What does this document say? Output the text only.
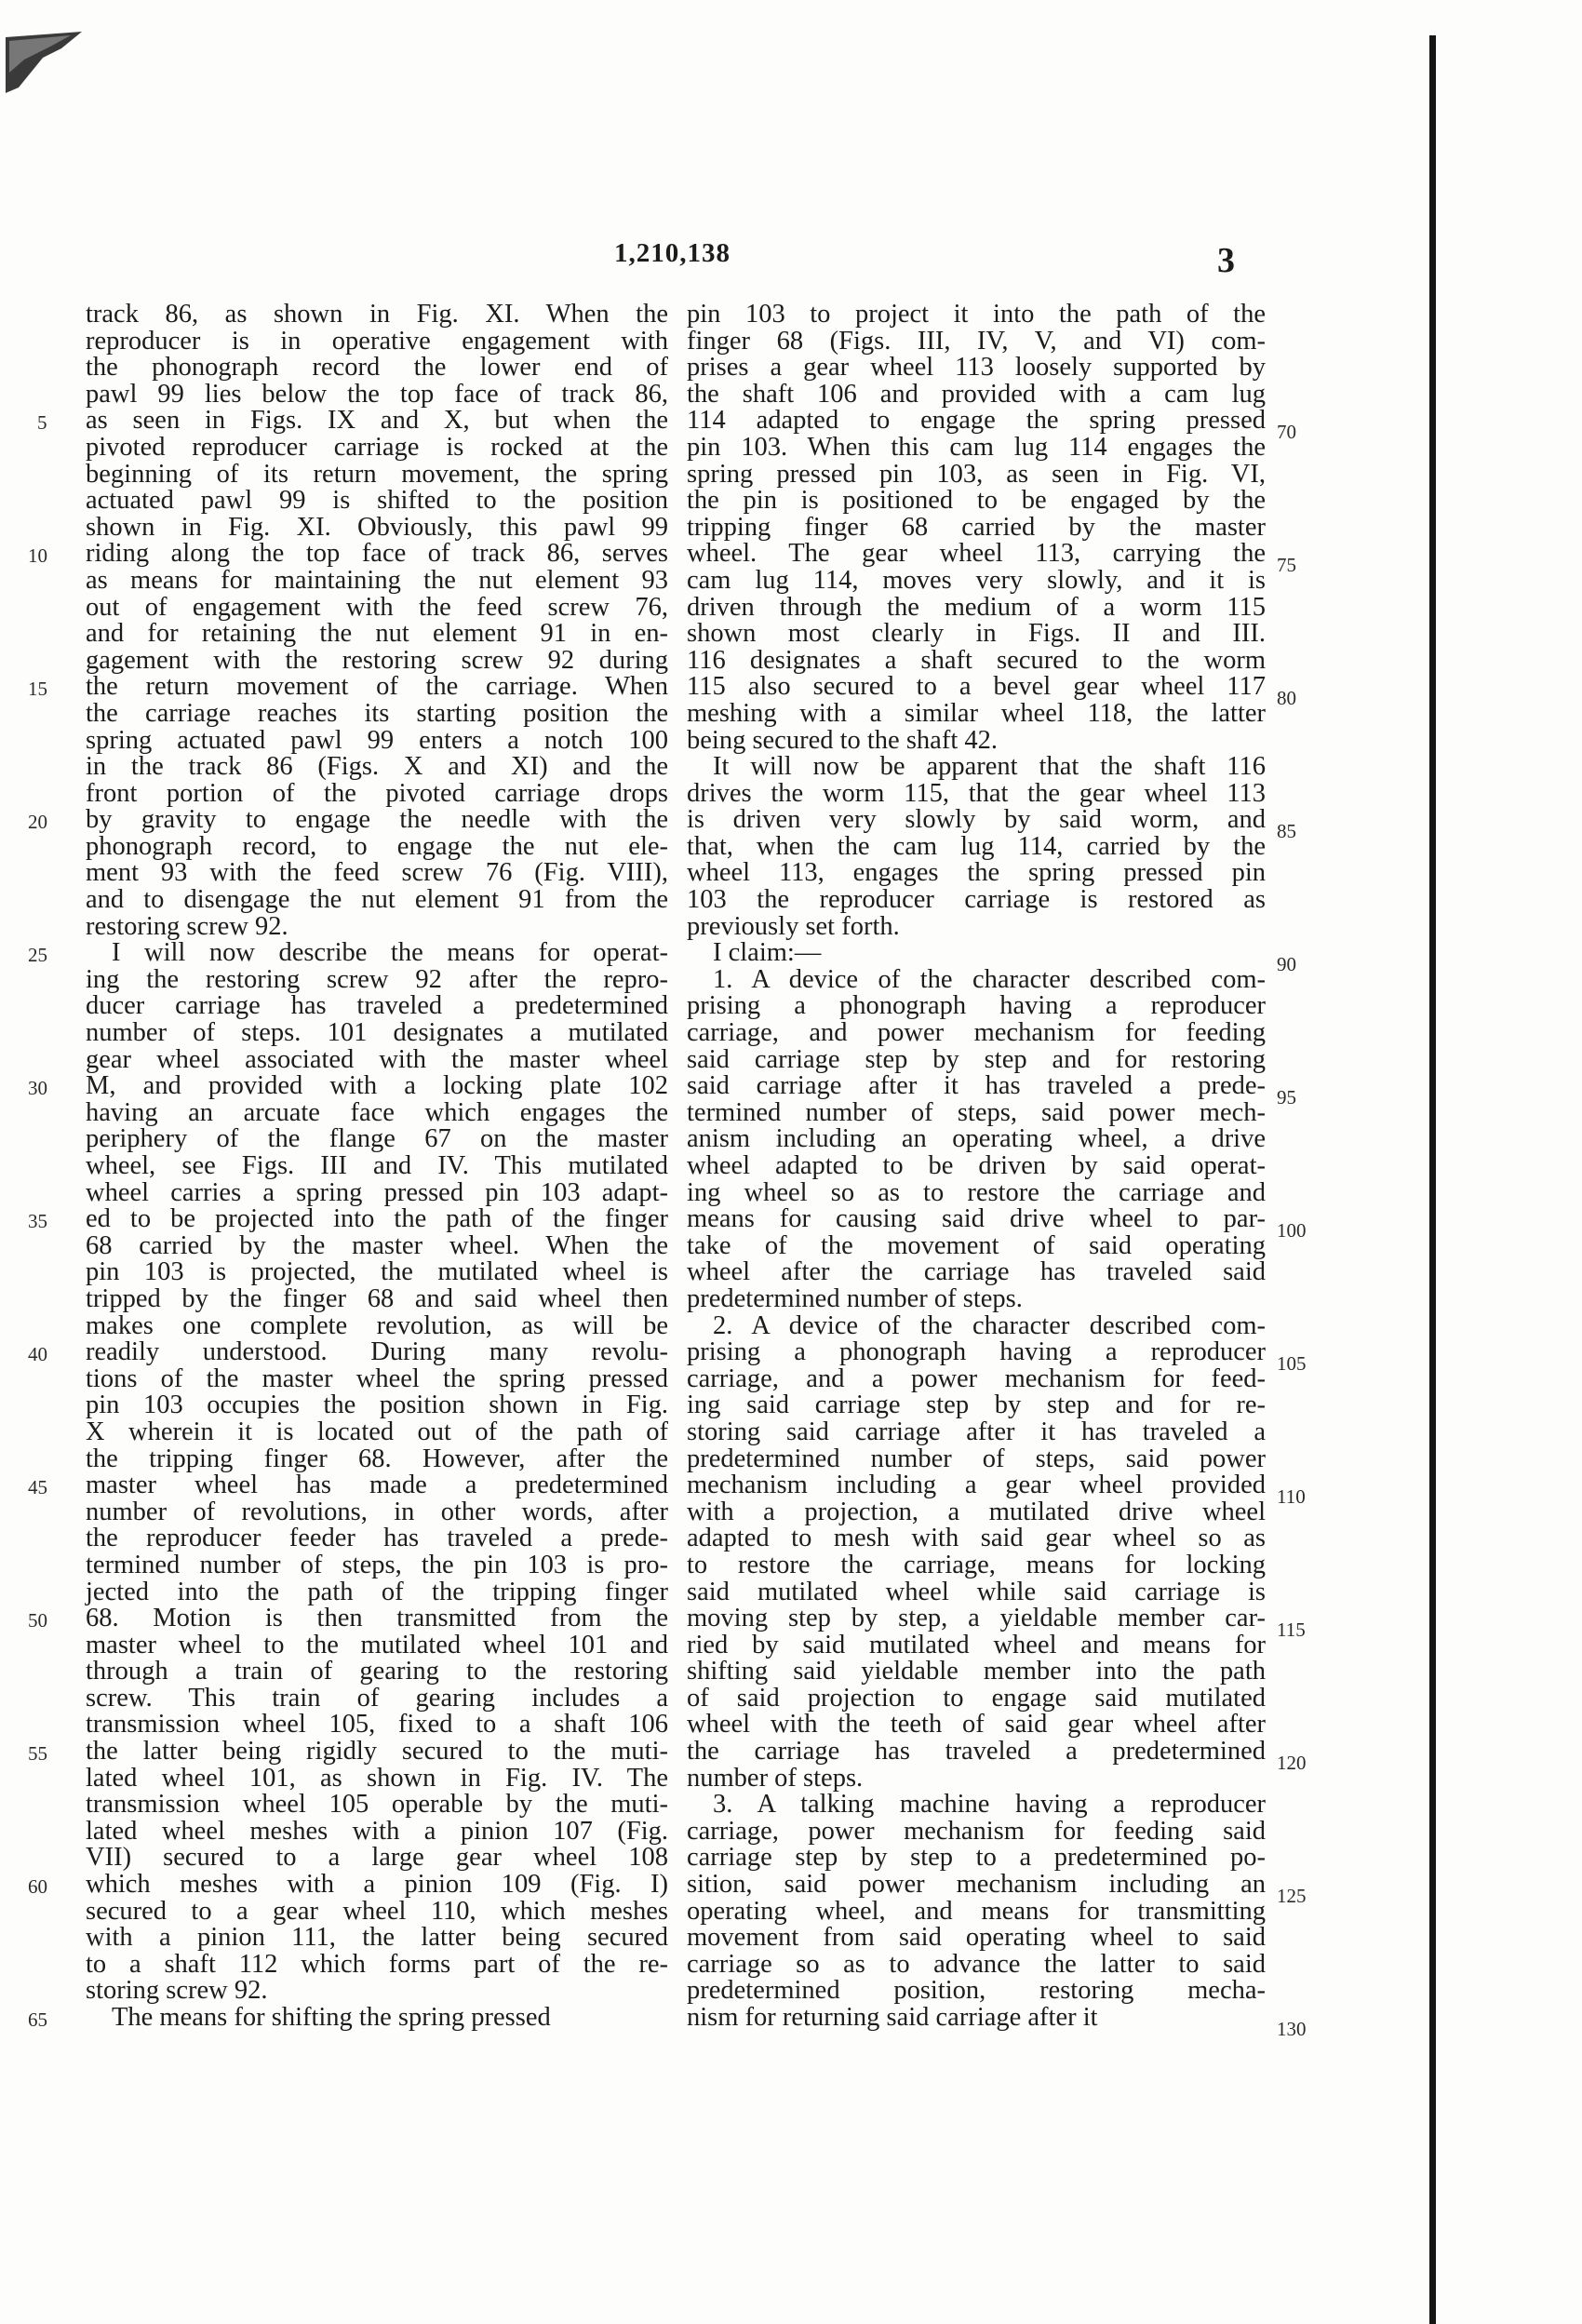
1,210,138	3
track 86, as shown in Fig. XI. When the
reproducer is in operative engagement with
the phonograph record the lower end of
pawl 99 lies below the top face of track 86,
as seen in Figs. IX and X, but when the
pivoted reproducer carriage is rocked at the
beginning of its return movement, the spring
actuated pawl 99 is shifted to the position
shown in Fig. XI. Obviously, this pawl 99
riding along the top face of track 86, serves
as means for maintaining the nut element 93
out of engagement with the feed screw 76,
and for retaining the nut element 91 in en-
gagement with the restoring screw 92 during
the return movement of the carriage. When
the carriage reaches its starting position the
spring actuated pawl 99 enters a notch 100
in the track 86 (Figs. X and XI) and the
front portion of the pivoted carriage drops
by gravity to engage the needle with the
phonograph record, to engage the nut ele-
ment 93 with the feed screw 76 (Fig. VIII),
and to disengage the nut element 91 from the
restoring screw 92.
I will now describe the means for operat-
ing the restoring screw 92 after the repro-
ducer carriage has traveled a predetermined
number of steps. 101 designates a mutilated
gear wheel associated with the master wheel
M, and provided with a locking plate 102
having an arcuate face which engages the
periphery of the flange 67 on the master
wheel, see Figs. III and IV. This mutilated
wheel carries a spring pressed pin 103 adapt-
ed to be projected into the path of the finger
68 carried by the master wheel. When the
pin 103 is projected, the mutilated wheel is
tripped by the finger 68 and said wheel then
makes one complete revolution, as will be
readily understood. During many revolu-
tions of the master wheel the spring pressed
pin 103 occupies the position shown in Fig.
X wherein it is located out of the path of
the tripping finger 68. However, after the
master wheel has made a predetermined
number of revolutions, in other words, after
the reproducer feeder has traveled a prede-
termined number of steps, the pin 103 is pro-
jected into the path of the tripping finger
68. Motion is then transmitted from the
master wheel to the mutilated wheel 101 and
through a train of gearing to the restoring
screw. This train of gearing includes a
transmission wheel 105, fixed to a shaft 106
the latter being rigidly secured to the muti-
lated wheel 101, as shown in Fig. IV. The
transmission wheel 105 operable by the muti-
lated wheel meshes with a pinion 107 (Fig.
VII) secured to a large gear wheel 108
which meshes with a pinion 109 (Fig. I)
secured to a gear wheel 110, which meshes
with a pinion 111, the latter being secured
to a shaft 112 which forms part of the re-
storing screw 92.
The means for shifting the spring pressed
pin 103 to project it into the path of the
finger 68 (Figs. III, IV, V, and VI) com-
prises a gear wheel 113 loosely supported by
the shaft 106 and provided with a cam lug
114 adapted to engage the spring pressed
pin 103. When this cam lug 114 engages the
spring pressed pin 103, as seen in Fig. VI,
the pin is positioned to be engaged by the
tripping finger 68 carried by the master
wheel. The gear wheel 113, carrying the
cam lug 114, moves very slowly, and it is
driven through the medium of a worm 115
shown most clearly in Figs. II and III.
116 designates a shaft secured to the worm
115 also secured to a bevel gear wheel 117
meshing with a similar wheel 118, the latter
being secured to the shaft 42.
It will now be apparent that the shaft 116
drives the worm 115, that the gear wheel 113
is driven very slowly by said worm, and
that, when the cam lug 114, carried by the
wheel 113, engages the spring pressed pin
103 the reproducer carriage is restored as
previously set forth.
I claim:—
1. A device of the character described com-
prising a phonograph having a reproducer
carriage, and power mechanism for feeding
said carriage step by step and for restoring
said carriage after it has traveled a prede-
termined number of steps, said power mech-
anism including an operating wheel, a drive
wheel adapted to be driven by said operat-
ing wheel so as to restore the carriage and
means for causing said drive wheel to par-
take of the movement of said operating
wheel after the carriage has traveled said
predetermined number of steps.
2. A device of the character described com-
prising a phonograph having a reproducer
carriage, and a power mechanism for feed-
ing said carriage step by step and for re-
storing said carriage after it has traveled a
predetermined number of steps, said power
mechanism including a gear wheel provided
with a projection, a mutilated drive wheel
adapted to mesh with said gear wheel so as
to restore the carriage, means for locking
said mutilated wheel while said carriage is
moving step by step, a yieldable member car-
ried by said mutilated wheel and means for
shifting said yieldable member into the path
of said projection to engage said mutilated
wheel with the teeth of said gear wheel after
the carriage has traveled a predetermined
number of steps.
3. A talking machine having a reproducer
carriage, power mechanism for feeding said
carriage step by step to a predetermined po-
sition, said power mechanism including an
operating wheel, and means for transmitting
movement from said operating wheel to said
carriage so as to advance the latter to said
predetermined position, restoring mecha-
nism for returning said carriage after it
5
10
15
20
25
30
35
40
45
50
55
60
65
70
75
80
85
90
95
100
105
110
115
120
125
130
